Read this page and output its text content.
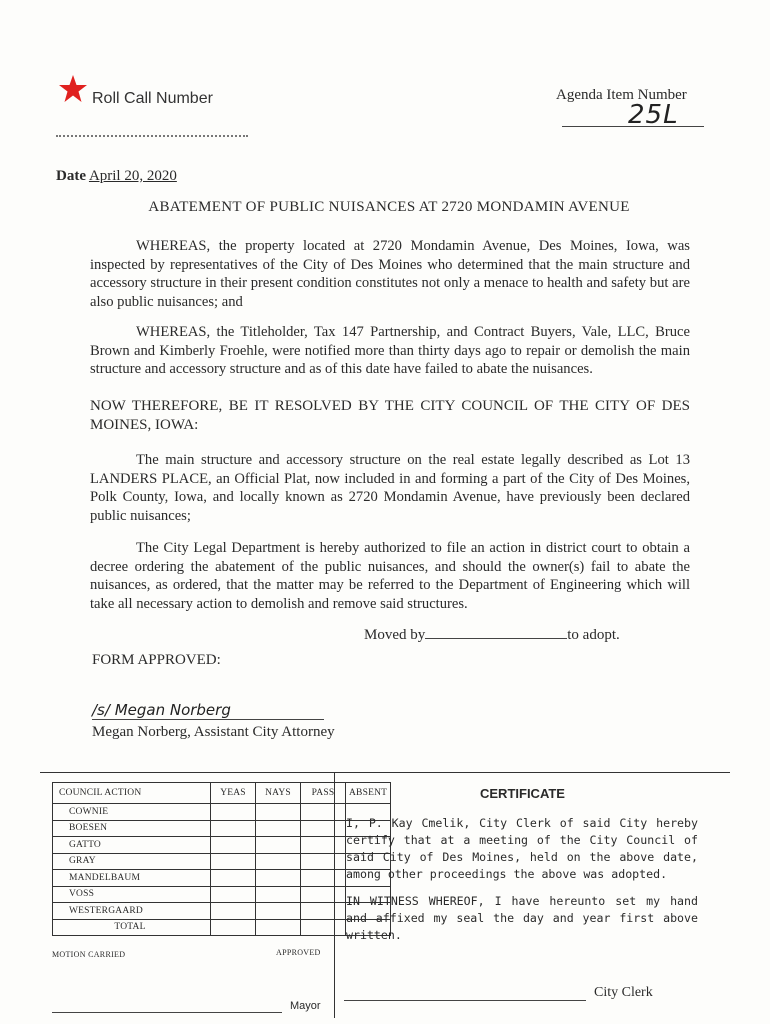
Roll Call Number	Agenda Item Number
25L
Date April 20, 2020
ABATEMENT OF PUBLIC NUISANCES AT 2720 MONDAMIN AVENUE

WHEREAS, the property located at 2720 Mondamin Avenue, Des Moines, Iowa, was inspected by representatives of the City of Des Moines who determined that the main structure and accessory structure in their present condition constitutes not only a menace to health and safety but are also public nuisances; and

WHEREAS, the Titleholder, Tax 147 Partnership, and Contract Buyers, Vale, LLC, Bruce Brown and Kimberly Froehle, were notified more than thirty days ago to repair or demolish the main structure and accessory structure and as of this date have failed to abate the nuisances.

NOW THEREFORE, BE IT RESOLVED BY THE CITY COUNCIL OF THE CITY OF DES MOINES, IOWA:

The main structure and accessory structure on the real estate legally described as Lot 13 LANDERS PLACE, an Official Plat, now included in and forming a part of the City of Des Moines, Polk County, Iowa, and locally known as 2720 Mondamin Avenue, have previously been declared public nuisances;

The City Legal Department is hereby authorized to file an action in district court to obtain a decree ordering the abatement of the public nuisances, and should the owner(s) fail to abate the nuisances, as ordered, that the matter may be referred to the Department of Engineering which will take all necessary action to demolish and remove said structures.

Moved by	to adopt.
FORM APPROVED:
/s/ Megan Norberg
Megan Norberg, Assistant City Attorney
COUNCIL ACTION	YEAS	NAYS	PASS	ABSENT
COWNIE				
BOESEN				
GATTO				
GRAY				
MANDELBAUM				
VOSS				
WESTERGAARD				
TOTAL				
MOTION CARRIED	APPROVED
Mayor
CERTIFICATE
I, P. Kay Cmelik, City Clerk of said City hereby certify that at a meeting of the City Council of said City of Des Moines, held on the above date, among other proceedings the above was adopted.
IN WITNESS WHEREOF, I have hereunto set my hand and affixed my seal the day and year first above written.
City Clerk
